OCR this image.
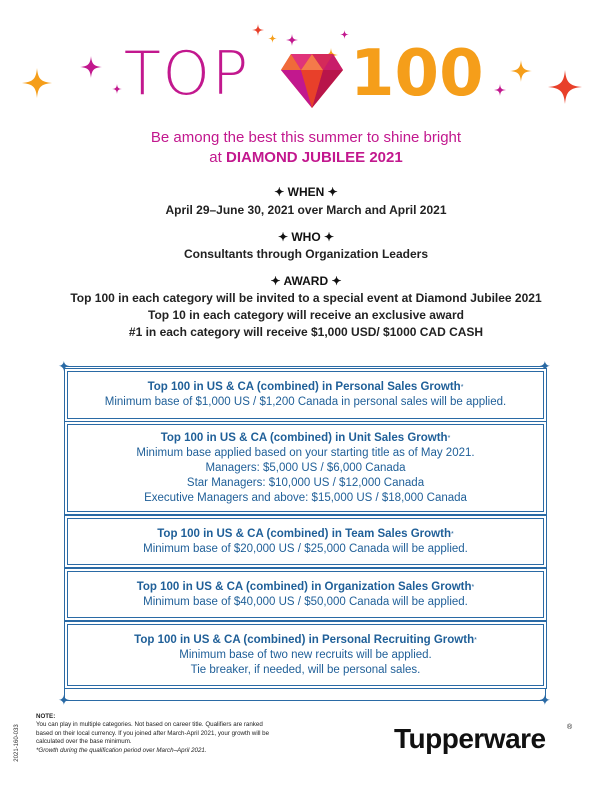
TOP 100
Be among the best this summer to shine bright
at DIAMOND JUBILEE 2021
✦ WHEN ✦
April 29–June 30, 2021 over March and April 2021
✦ WHO ✦
Consultants through Organization Leaders
✦ AWARD ✦
Top 100 in each category will be invited to a special event at Diamond Jubilee 2021
Top 10 in each category will receive an exclusive award
#1 in each category will receive $1,000 USD/ $1000 CAD CASH
✦	✦
✦	✦
Top 100 in US & CA (combined) in Personal Sales Growth*
Minimum base of $1,000 US / $1,200 Canada in personal sales will be applied.
Top 100 in US & CA (combined) in Unit Sales Growth*
Minimum base applied based on your starting title as of May 2021.
Managers: $5,000 US / $6,000 Canada
Star Managers: $10,000 US / $12,000 Canada
Executive Managers and above: $15,000 US / $18,000 Canada
Top 100 in US & CA (combined) in Team Sales Growth*
Minimum base of $20,000 US / $25,000 Canada will be applied.
Top 100 in US & CA (combined) in Organization Sales Growth*
Minimum base of $40,000 US / $50,000 Canada will be applied.
Top 100 in US & CA (combined) in Personal Recruiting Growth*
Minimum base of two new recruits will be applied.
Tie breaker, if needed, will be personal sales.
2021-160-033
NOTE:
You can play in multiple categories. Not based on career title. Qualifiers are ranked based on their local currency. If you joined after March-April 2021, your growth will be calculated over the base minimum.
*Growth during the qualification period over March–April 2021.	Tupperware	®
